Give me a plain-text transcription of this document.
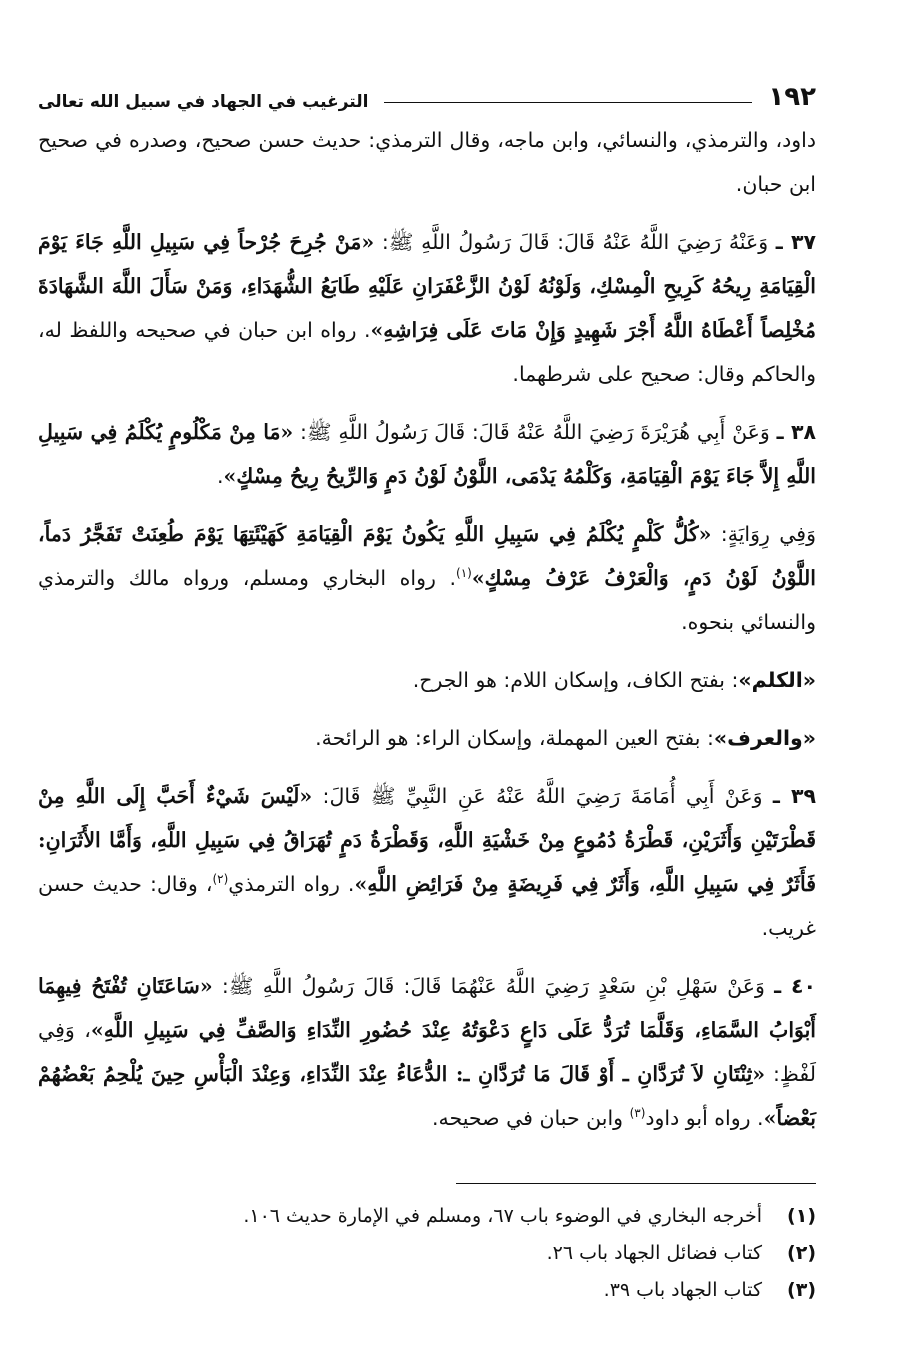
١٩٢
الترغيب في الجهاد في سبيل الله تعالى

داود، والترمذي، والنسائي، وابن ماجه، وقال الترمذي: حديث حسن صحيح، وصدره في صحيح ابن حبان.

٣٧ ـ وَعَنْهُ رَضِيَ اللَّهُ عَنْهُ قَالَ: قَالَ رَسُولُ اللَّهِ ﷺ: «مَنْ جُرِحَ جُرْحاً فِي سَبِيلِ اللَّهِ جَاءَ يَوْمَ الْقِيَامَةِ رِيحُهُ كَرِيحِ الْمِسْكِ، وَلَوْنُهُ لَوْنُ الزَّعْفَرَانِ عَلَيْهِ طَابَعُ الشُّهَدَاءِ، وَمَنْ سَأَلَ اللَّهَ الشَّهَادَةَ مُخْلِصاً أَعْطَاهُ اللَّهُ أَجْرَ شَهِيدٍ وَإِنْ مَاتَ عَلَى فِرَاشِهِ». رواه ابن حبان في صحيحه واللفظ له، والحاكم وقال: صحيح على شرطهما.

٣٨ ـ وَعَنْ أَبِي هُرَيْرَةَ رَضِيَ اللَّهُ عَنْهُ قَالَ: قَالَ رَسُولُ اللَّهِ ﷺ: «مَا مِنْ مَكْلُومٍ يُكْلَمُ فِي سَبِيلِ اللَّهِ إِلاَّ جَاءَ يَوْمَ الْقِيَامَةِ، وَكَلْمُهُ يَدْمَى، اللَّوْنُ لَوْنُ دَمٍ وَالرِّيحُ رِيحُ مِسْكٍ».

وَفِي رِوَايَةٍ: «كُلُّ كَلْمٍ يُكْلَمُ فِي سَبِيلِ اللَّهِ يَكُونُ يَوْمَ الْقِيَامَةِ كَهَيْئَتِهَا يَوْمَ طُعِنَتْ تَفَجَّرُ دَماً، اللَّوْنُ لَوْنُ دَمٍ، وَالْعَرْفُ عَرْفُ مِسْكٍ»$^{(١)}$. رواه البخاري ومسلم، ورواه مالك والترمذي والنسائي بنحوه.

«الكلم»: بفتح الكاف، وإسكان اللام: هو الجرح.

«والعرف»: بفتح العين المهملة، وإسكان الراء: هو الرائحة.

٣٩ ـ وَعَنْ أَبِي أُمَامَةَ رَضِيَ اللَّهُ عَنْهُ عَنِ النَّبِيِّ ﷺ قَالَ: «لَيْسَ شَيْءٌ أَحَبَّ إِلَى اللَّهِ مِنْ قَطْرَتَيْنِ وَأَثَرَيْنِ، قَطْرَةُ دُمُوعٍ مِنْ خَشْيَةِ اللَّهِ، وَقَطْرَةُ دَمٍ تُهَرَاقُ فِي سَبِيلِ اللَّهِ، وَأَمَّا الأَثَرَانِ: فَأَثَرٌ فِي سَبِيلِ اللَّهِ، وَأَثَرٌ فِي فَرِيضَةٍ مِنْ فَرَائِضِ اللَّهِ». رواه الترمذي$^{(٢)}$، وقال: حديث حسن غريب.

٤٠ ـ وَعَنْ سَهْلِ بْنِ سَعْدٍ رَضِيَ اللَّهُ عَنْهُمَا قَالَ: قَالَ رَسُولُ اللَّهِ ﷺ: «سَاعَتَانِ تُفْتَحُ فِيهِمَا أَبْوَابُ السَّمَاءِ، وَقَلَّمَا تُرَدُّ عَلَى دَاعٍ دَعْوَتُهُ عِنْدَ حُضُورِ النِّدَاءِ وَالصَّفِّ فِي سَبِيلِ اللَّهِ»، وَفِي لَفْظٍ: «ثِنْتَانِ لاَ تُرَدَّانِ ـ أَوْ قَالَ مَا تُرَدَّانِ ـ: الدُّعَاءُ عِنْدَ النِّدَاءِ، وَعِنْدَ الْبَأْسِ حِينَ يُلْحِمُ بَعْضُهُمْ بَعْضاً». رواه أبو داود$^{(٣)}$ وابن حبان في صحيحه.

(١)
أخرجه البخاري في الوضوء باب ٦٧، ومسلم في الإمارة حديث ١٠٦.
(٢)
كتاب فضائل الجهاد باب ٢٦.
(٣)
كتاب الجهاد باب ٣٩.
